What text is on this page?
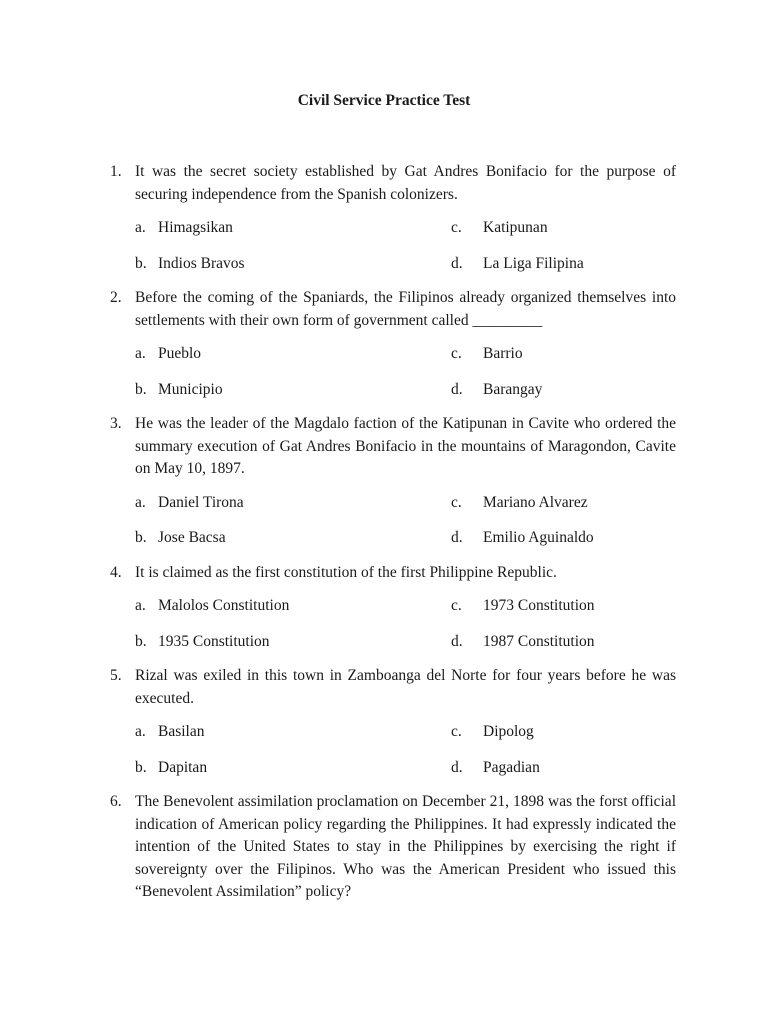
Civil Service Practice Test
1. It was the secret society established by Gat Andres Bonifacio for the purpose of securing independence from the Spanish colonizers.
a. Himagsikan	c.	Katipunan
b. Indios Bravos	d.	La Liga Filipina
2. Before the coming of the Spaniards, the Filipinos already organized themselves into settlements with their own form of government called _________
a. Pueblo	c.	Barrio
b. Municipio	d.	Barangay
3. He was the leader of the Magdalo faction of the Katipunan in Cavite who ordered the summary execution of Gat Andres Bonifacio in the mountains of Maragondon, Cavite on May 10, 1897.
a. Daniel Tirona	c.	Mariano Alvarez
b. Jose Bacsa	d.	Emilio Aguinaldo
4. It is claimed as the first constitution of the first Philippine Republic.
a. Malolos Constitution	c.	1973 Constitution
b. 1935 Constitution	d.	1987 Constitution
5. Rizal was exiled in this town in Zamboanga del Norte for four years before he was executed.
a. Basilan	c.	Dipolog
b. Dapitan	d.	Pagadian
6. The Benevolent assimilation proclamation on December 21, 1898 was the forst official indication of American policy regarding the Philippines. It had expressly indicated the intention of the United States to stay in the Philippines by exercising the right if sovereignty over the Filipinos. Who was the American President who issued this “Benevolent Assimilation” policy?
